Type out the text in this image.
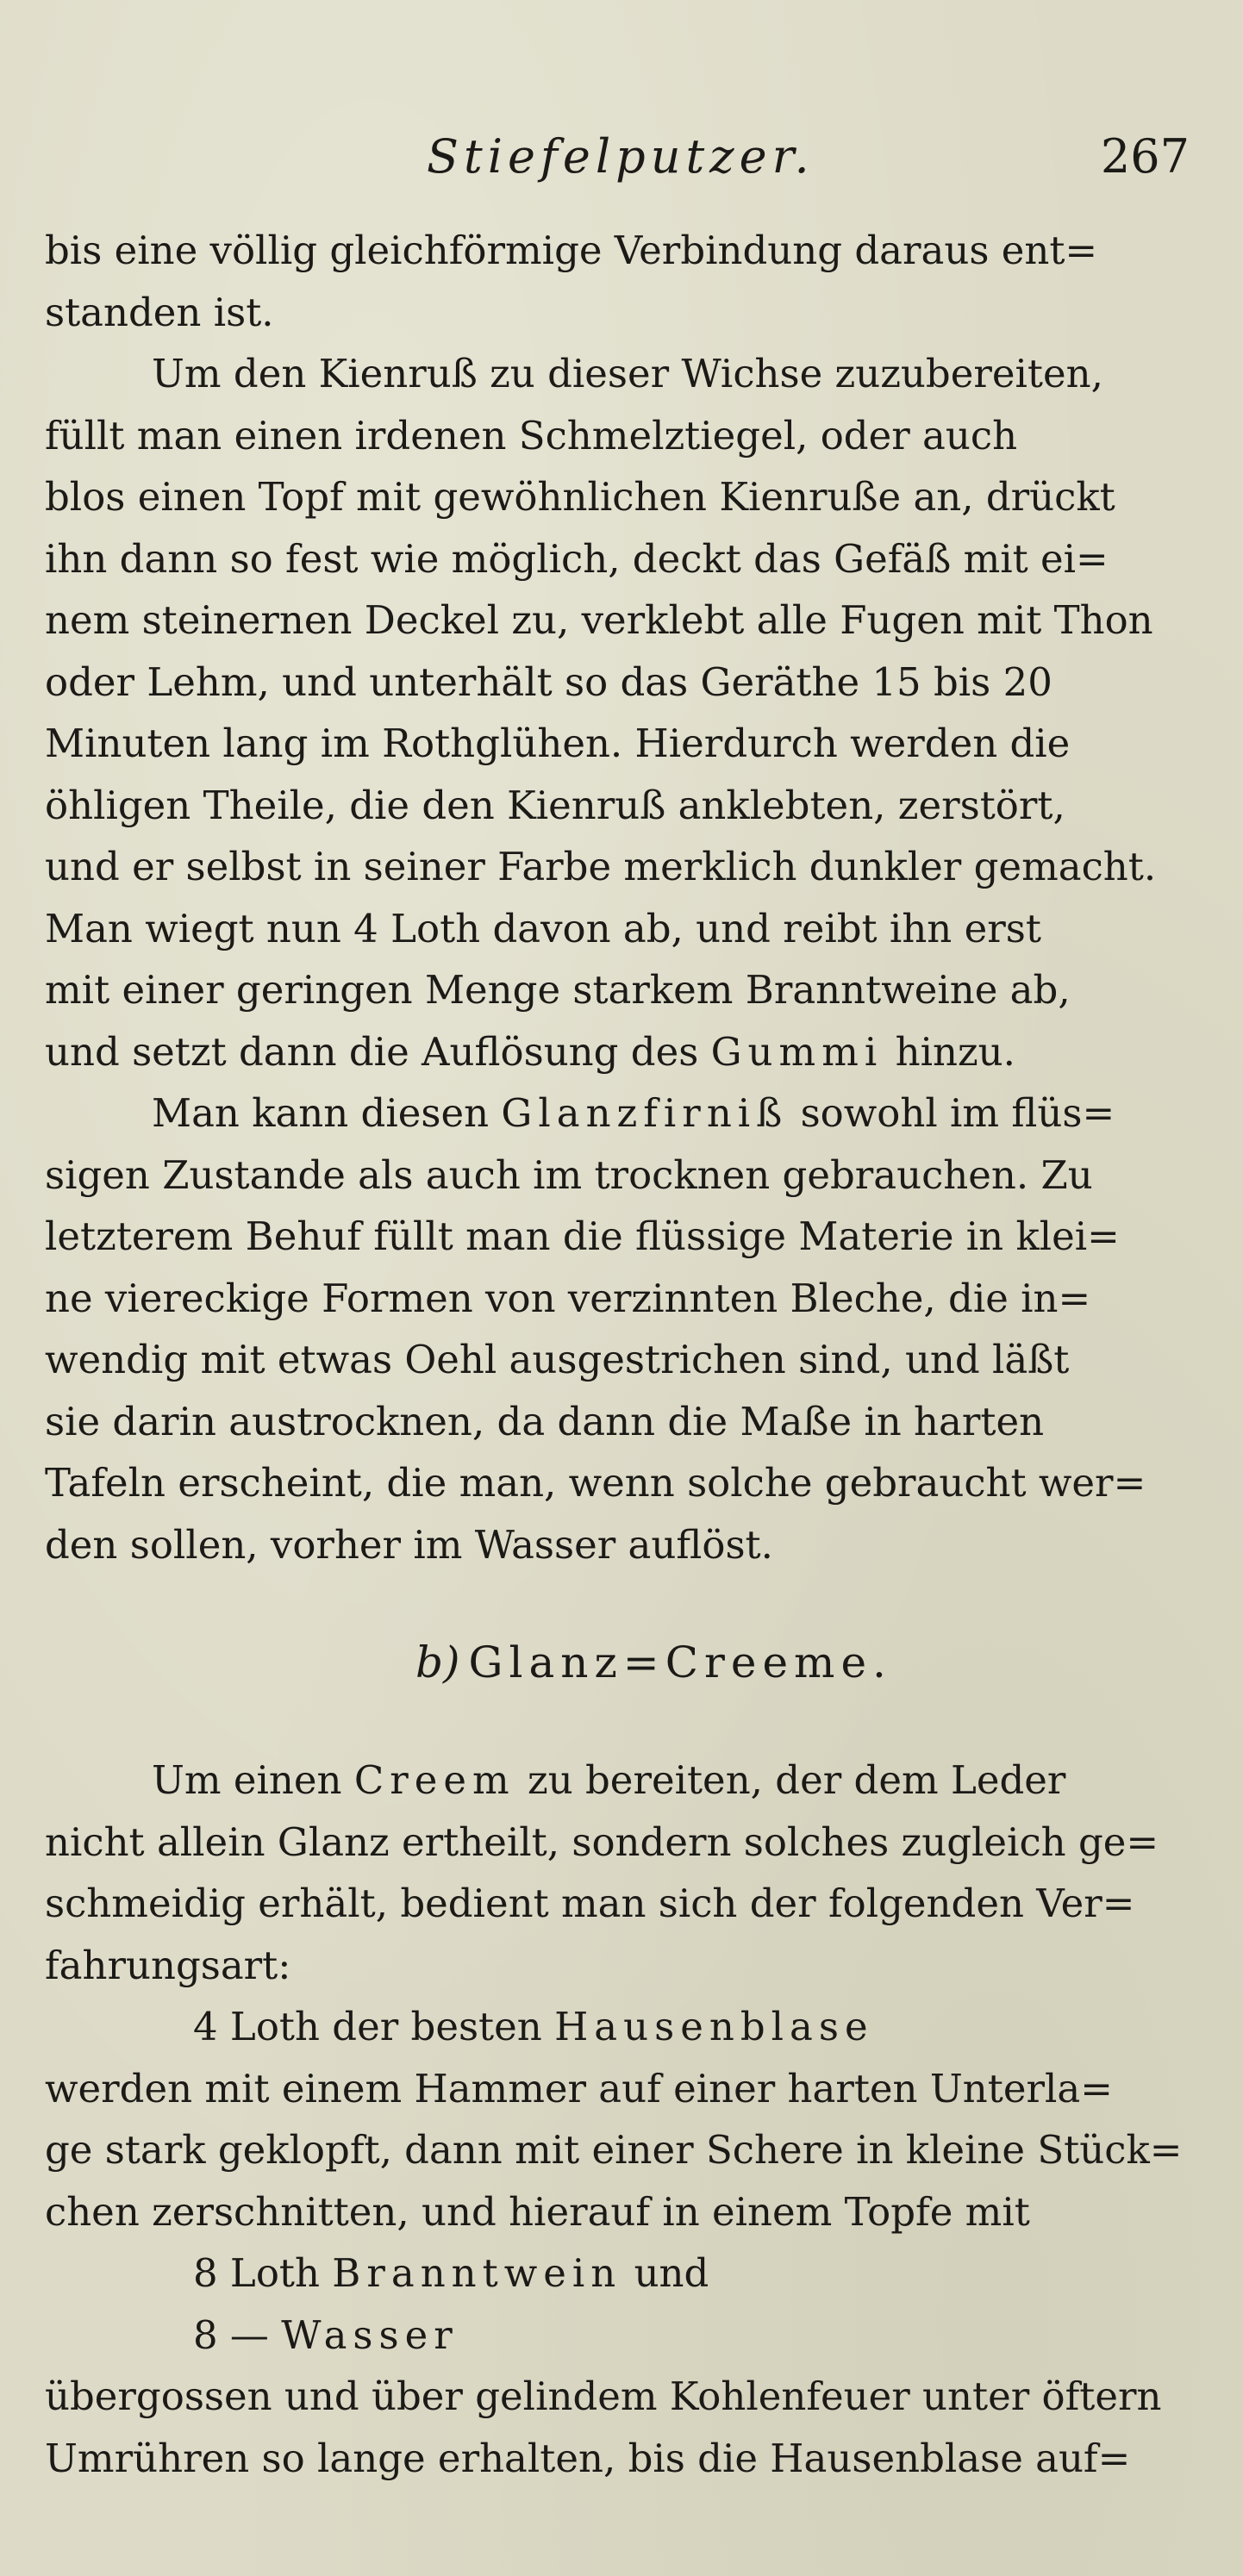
Stiefelputzer.	267
bis eine völlig gleichförmige Verbindung daraus ent=
standen ist.
Um den Kienruß zu dieser Wichse zuzubereiten,
füllt man einen irdenen Schmelztiegel, oder auch
blos einen Topf mit gewöhnlichen Kienruße an, drückt
ihn dann so fest wie möglich, deckt das Gefäß mit ei=
nem steinernen Deckel zu, verklebt alle Fugen mit Thon
oder Lehm, und unterhält so das Geräthe 15 bis 20
Minuten lang im Rothglühen. Hierdurch werden die
öhligen Theile, die den Kienruß anklebten, zerstört,
und er selbst in seiner Farbe merklich dunkler gemacht.
Man wiegt nun 4 Loth davon ab, und reibt ihn erst
mit einer geringen Menge starkem Branntweine ab,
und setzt dann die Auflösung des Gummi hinzu.
Man kann diesen Glanzfirniß sowohl im flüs=
sigen Zustande als auch im trocknen gebrauchen. Zu
letzterem Behuf füllt man die flüssige Materie in klei=
ne viereckige Formen von verzinnten Bleche, die in=
wendig mit etwas Oehl ausgestrichen sind, und läßt
sie darin austrocknen, da dann die Maße in harten
Tafeln erscheint, die man, wenn solche gebraucht wer=
den sollen, vorher im Wasser auflöst.
b) Glanz=Creeme.
Um einen Creem zu bereiten, der dem Leder
nicht allein Glanz ertheilt, sondern solches zugleich ge=
schmeidig erhält, bedient man sich der folgenden Ver=
fahrungsart:
4 Loth der besten Hausenblase
werden mit einem Hammer auf einer harten Unterla=
ge stark geklopft, dann mit einer Schere in kleine Stück=
chen zerschnitten, und hierauf in einem Topfe mit
8 Loth Branntwein und
8 — Wasser
übergossen und über gelindem Kohlenfeuer unter öftern
Umrühren so lange erhalten, bis die Hausenblase auf=
